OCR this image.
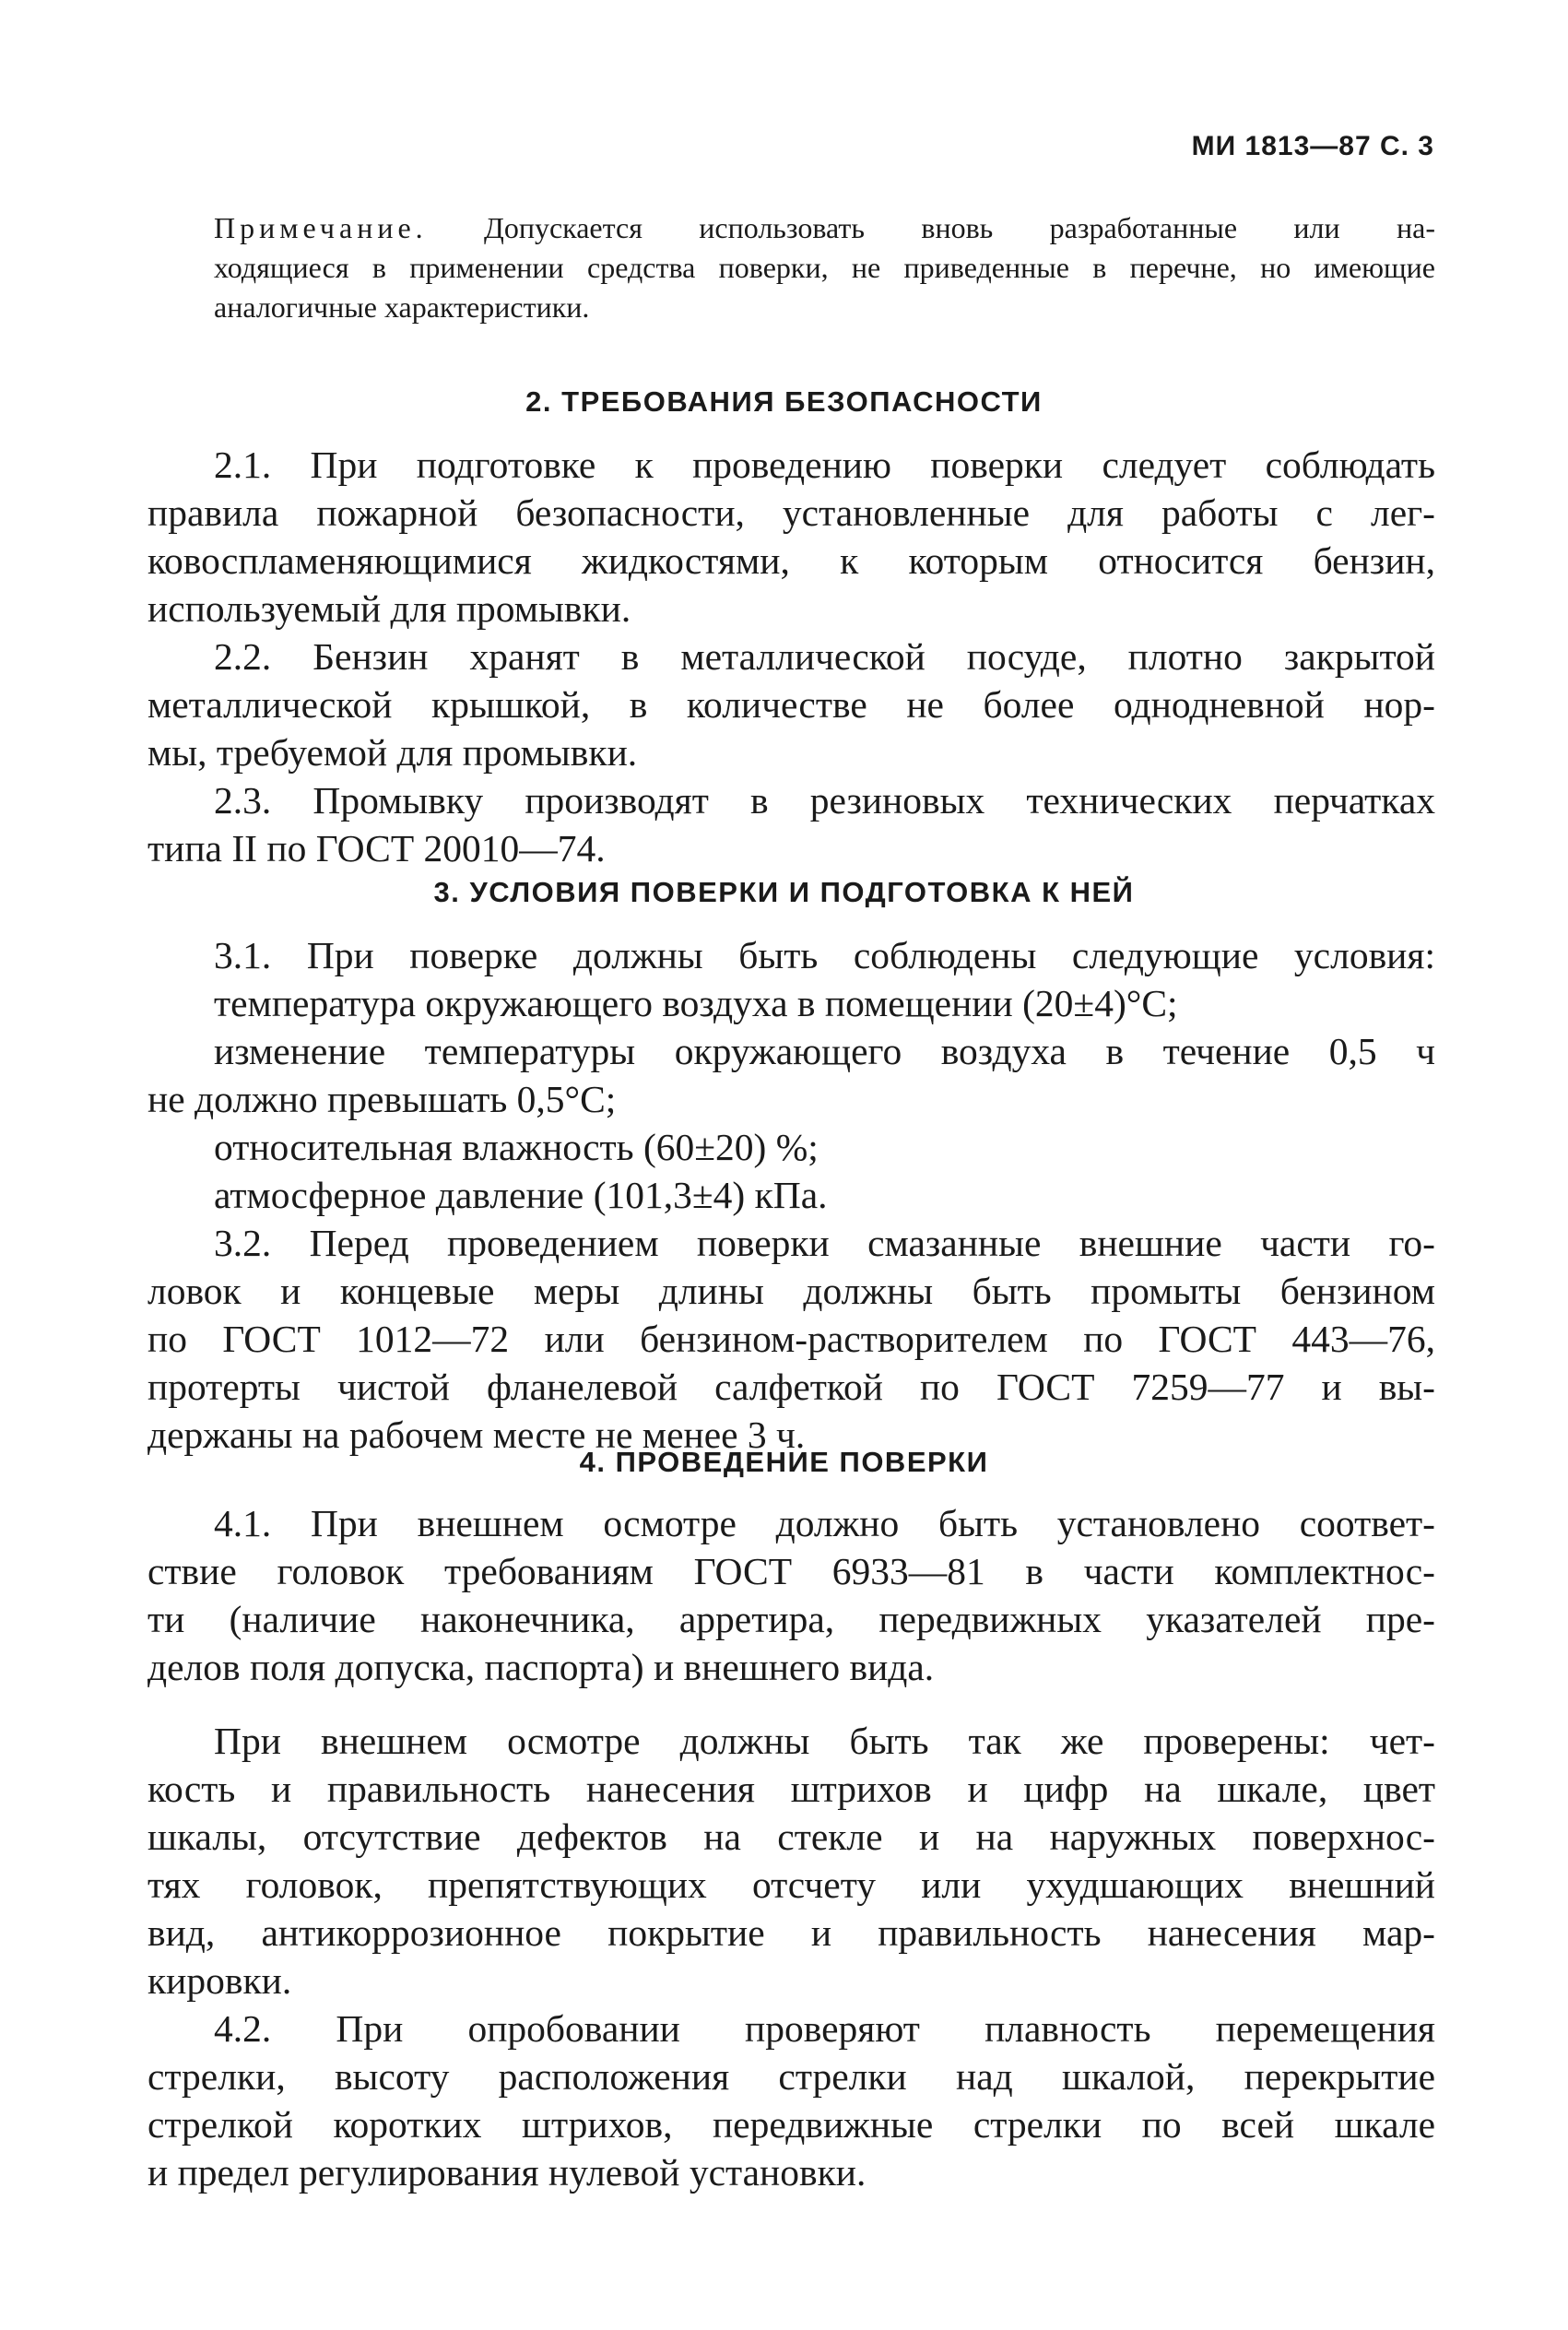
МИ 1813—87 С. 3
Примечание. Допускается использовать вновь разработанные или на-
ходящиеся в применении средства поверки, не приведенные в перечне, но имеющие
аналогичные характеристики.
2. ТРЕБОВАНИЯ БЕЗОПАСНОСТИ
2.1. При подготовке к проведению поверки следует соблюдать
правила пожарной безопасности, установленные для работы с лег-
ковоспламеняющимися жидкостями, к которым относится бензин,
используемый для промывки.
2.2. Бензин хранят в металлической посуде, плотно закрытой
металлической крышкой, в количестве не более однодневной нор-
мы, требуемой для промывки.
2.3. Промывку производят в резиновых технических перчатках
типа II по ГОСТ 20010—74.
3. УСЛОВИЯ ПОВЕРКИ И ПОДГОТОВКА К НЕЙ
3.1. При поверке должны быть соблюдены следующие условия:
температура окружающего воздуха в помещении (20±4)°С;
изменение температуры окружающего воздуха в течение 0,5 ч
не должно превышать 0,5°С;
относительная влажность (60±20) %;
атмосферное давление (101,3±4) кПа.
3.2. Перед проведением поверки смазанные внешние части го-
ловок и концевые меры длины должны быть промыты бензином
по ГОСТ 1012—72 или бензином-растворителем по ГОСТ 443—76,
протерты чистой фланелевой салфеткой по ГОСТ 7259—77 и вы-
держаны на рабочем месте не менее 3 ч.
4. ПРОВЕДЕНИЕ ПОВЕРКИ
4.1. При внешнем осмотре должно быть установлено соответ-
ствие головок требованиям ГОСТ 6933—81 в части комплектнос-
ти (наличие наконечника, арретира, передвижных указателей пре-
делов поля допуска, паспорта) и внешнего вида.
При внешнем осмотре должны быть так же проверены: чет-
кость и правильность нанесения штрихов и цифр на шкале, цвет
шкалы, отсутствие дефектов на стекле и на наружных поверхнос-
тях головок, препятствующих отсчету или ухудшающих внешний
вид, антикоррозионное покрытие и правильность нанесения мар-
кировки.
4.2. При опробовании проверяют плавность перемещения
стрелки, высоту расположения стрелки над шкалой, перекрытие
стрелкой коротких штрихов, передвижные стрелки по всей шкале
и предел регулирования нулевой установки.
